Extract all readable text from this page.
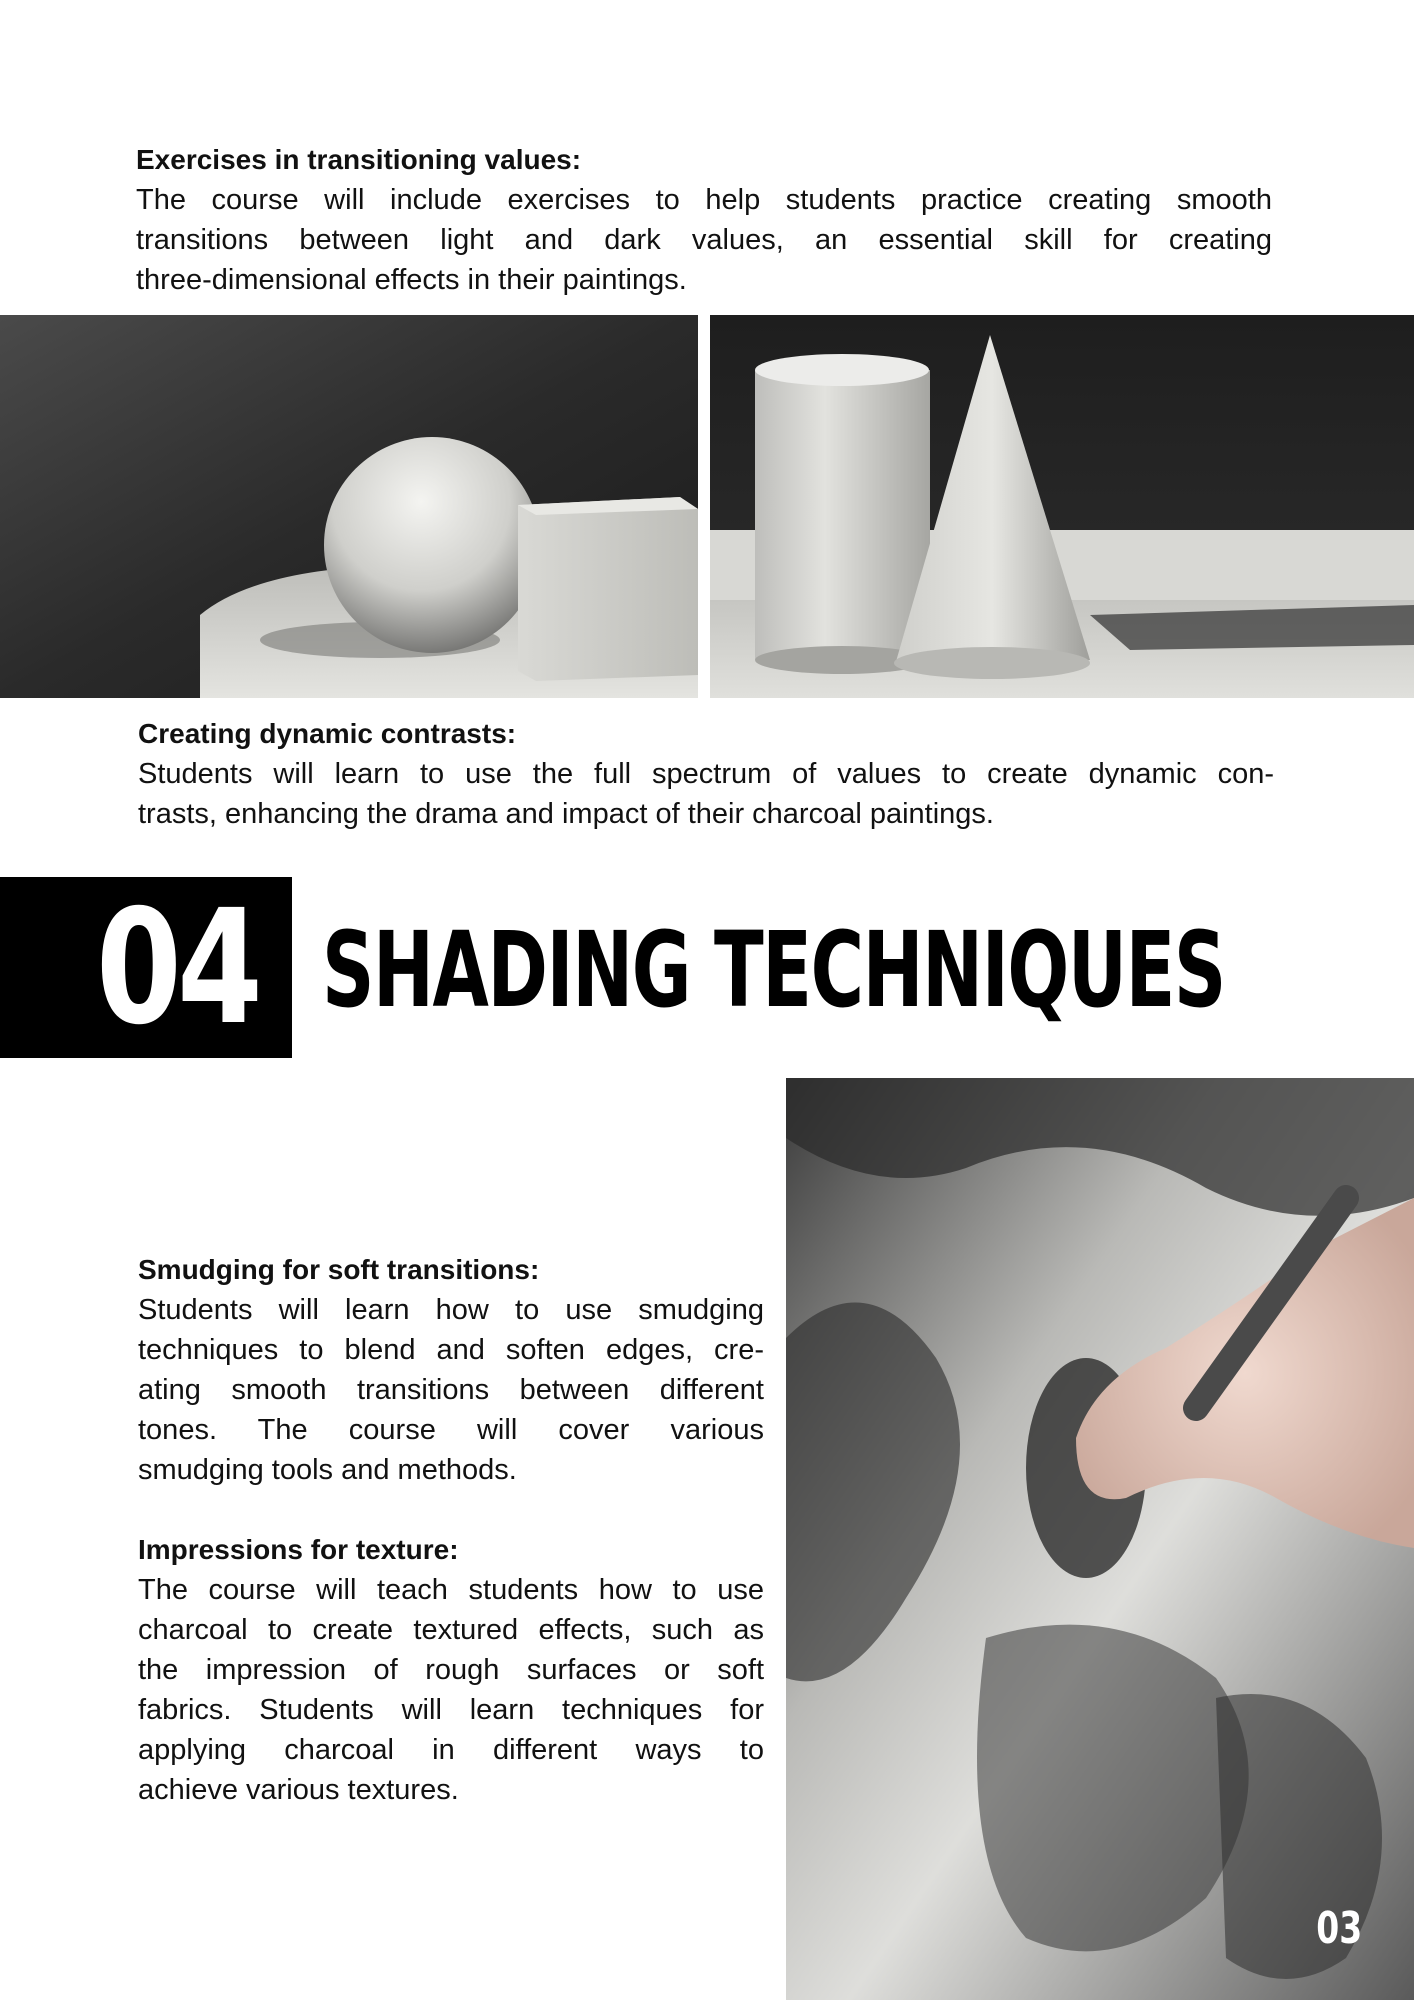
Exercises in transitioning values:

The course will include exercises to help students practice creating smooth

transitions between light and dark values, an essential skill for creating

three-dimensional effects in their paintings.

Creating dynamic contrasts:

Students will learn to use the full spectrum of values to create dynamic con-

trasts, enhancing the drama and impact of their charcoal paintings.

04 SHADING TECHNIQUES

Smudging for soft transitions:

Students will learn how to use smudging

techniques to blend and soften edges, cre-

ating smooth transitions between different

tones. The course will cover various

smudging tools and methods.

Impressions for texture:

The course will teach students how to use

charcoal to create textured effects, such as

the impression of rough surfaces or soft

fabrics. Students will learn techniques for

applying charcoal in different ways to

achieve various textures.

03
